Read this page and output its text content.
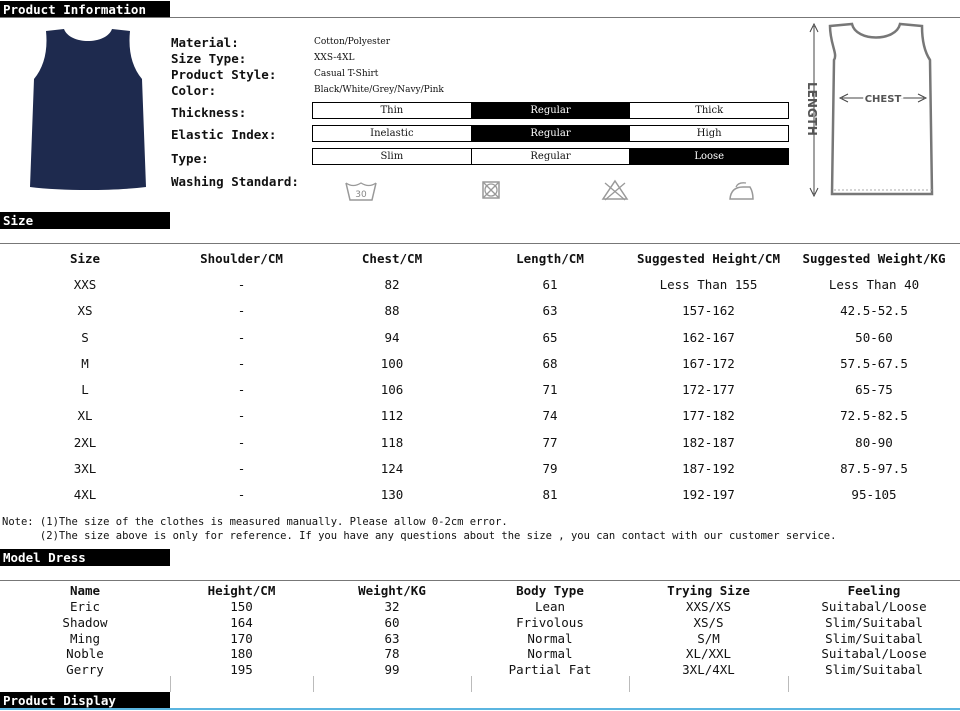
Product Information
Material:	Cotton/Polyester
Size Type:	XXS-4XL
Product Style:	Casual T-Shirt
Color:	Black/White/Grey/Navy/Pink
Thickness:	Thin	Regular	Thick
Elastic Index:	Inelastic	Regular	High
Type:	Slim	Regular	Loose
Washing Standard:
30
LENGTH	CHEST
Size
Size	Shoulder/CM	Chest/CM	Length/CM	Suggested Height/CM	Suggested Weight/KG
XXS	-	82	61	Less Than 155	Less Than 40
XS	-	88	63	157-162	42.5-52.5
S	-	94	65	162-167	50-60
M	-	100	68	167-172	57.5-67.5
L	-	106	71	172-177	65-75
XL	-	112	74	177-182	72.5-82.5
2XL	-	118	77	182-187	80-90
3XL	-	124	79	187-192	87.5-97.5
4XL	-	130	81	192-197	95-105
Note: (1)The size of the clothes is measured manually. Please allow 0-2cm error.
(2)The size above is only for reference. If you have any questions about the size , you can contact with our customer service.
Model Dress
Name	Height/CM	Weight/KG	Body Type	Trying Size	Feeling
Eric	150	32	Lean	XXS/XS	Suitabal/Loose
Shadow	164	60	Frivolous	XS/S	Slim/Suitabal
Ming	170	63	Normal	S/M	Slim/Suitabal
Noble	180	78	Normal	XL/XXL	Suitabal/Loose
Gerry	195	99	Partial Fat	3XL/4XL	Slim/Suitabal
Product Display
